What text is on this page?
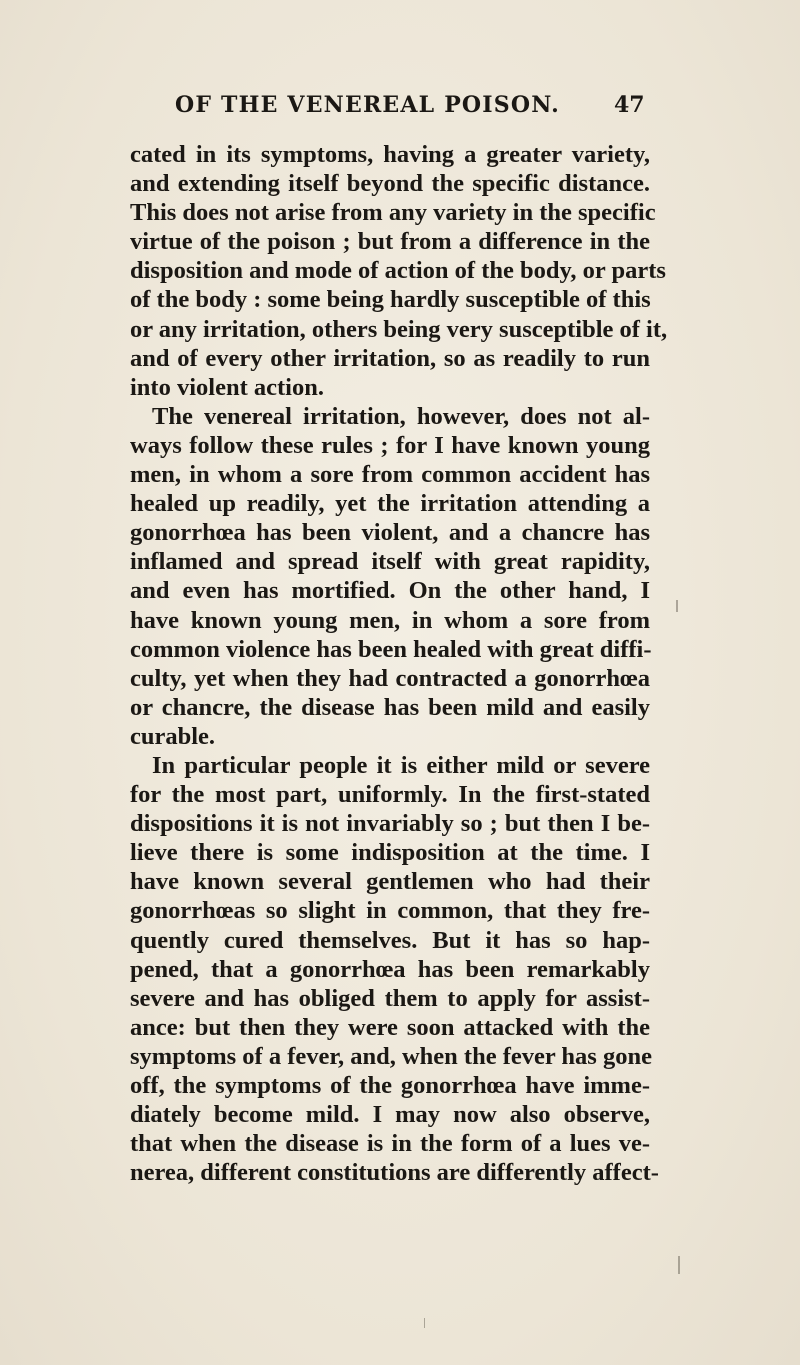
OF THE VENEREAL POISON. 47
cated in its symptoms, having a greater variety,
and extending itself beyond the specific distance.
This does not arise from any variety in the specific
virtue of the poison ; but from a difference in the
disposition and mode of action of the body, or parts
of the body : some being hardly susceptible of this
or any irritation, others being very susceptible of it,
and of every other irritation, so as readily to run
into violent action.
The venereal irritation, however, does not al-
ways follow these rules ; for I have known young
men, in whom a sore from common accident has
healed up readily, yet the irritation attending a
gonorrhœa has been violent, and a chancre has
inflamed and spread itself with great rapidity,
and even has mortified. On the other hand, I
have known young men, in whom a sore from
common violence has been healed with great diffi-
culty, yet when they had contracted a gonorrhœa
or chancre, the disease has been mild and easily
curable.
In particular people it is either mild or severe
for the most part, uniformly. In the first-stated
dispositions it is not invariably so ; but then I be-
lieve there is some indisposition at the time. I
have known several gentlemen who had their
gonorrhœas so slight in common, that they fre-
quently cured themselves. But it has so hap-
pened, that a gonorrhœa has been remarkably
severe and has obliged them to apply for assist-
ance: but then they were soon attacked with the
symptoms of a fever, and, when the fever has gone
off, the symptoms of the gonorrhœa have imme-
diately become mild. I may now also observe,
that when the disease is in the form of a lues ve-
nerea, different constitutions are differently affect-
